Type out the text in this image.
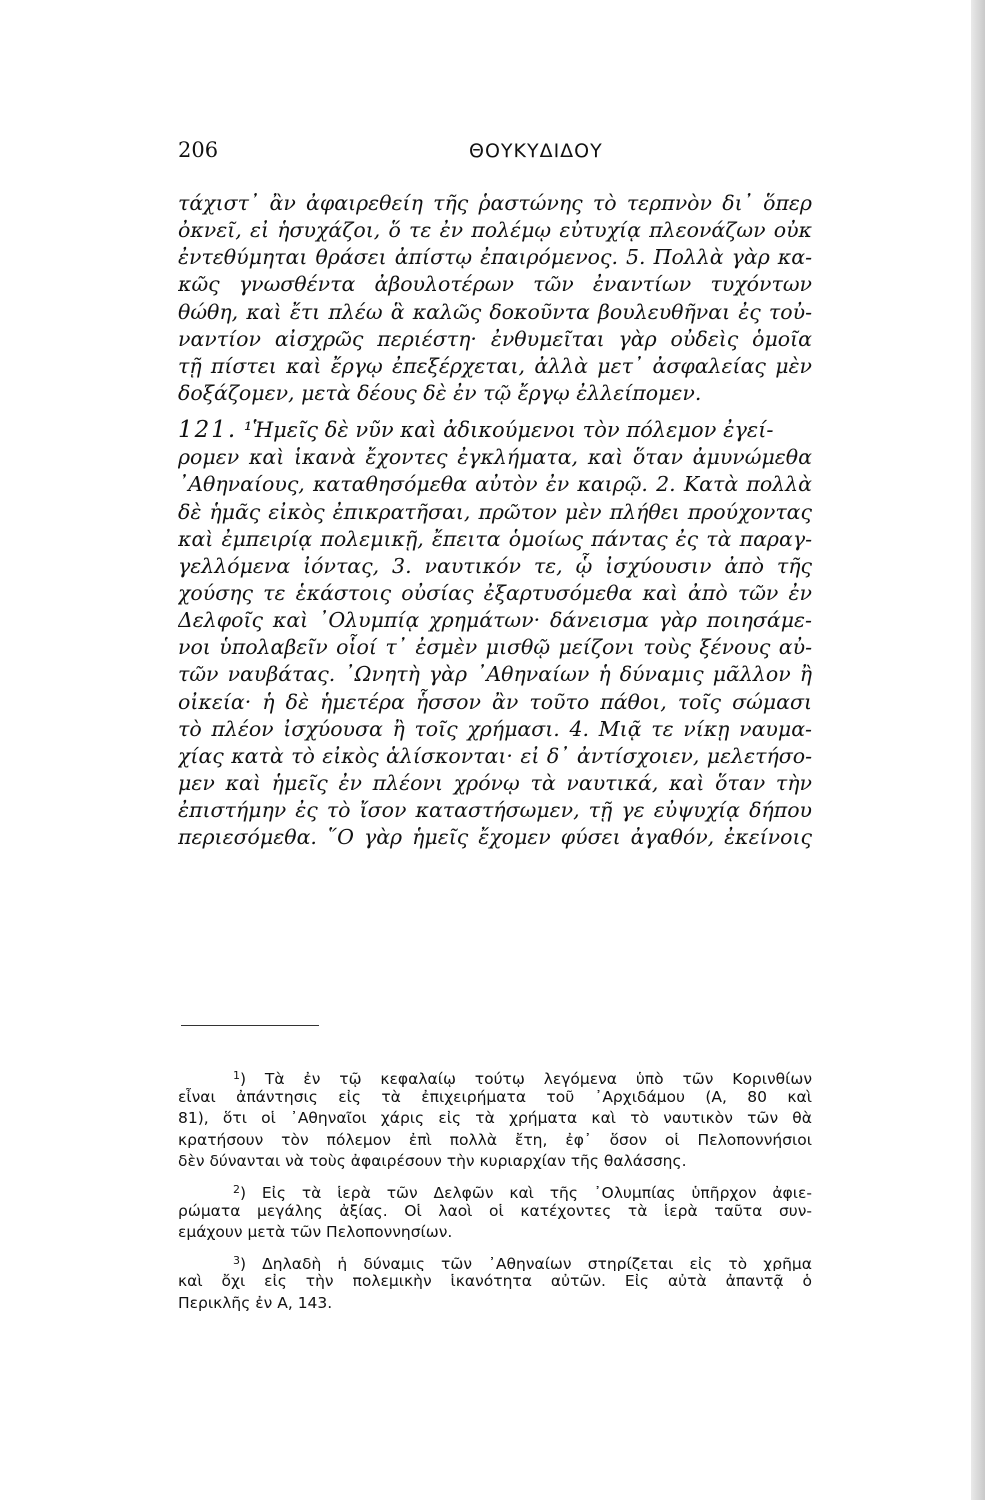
206	ΘΟΥΚΥΔΙΔΟΥ
τάχιστ᾽ ἂν ἀφαιρεθείη τῆς ῥαστώνης τὸ τερπνὸν δι᾽ ὅπερ
ὀκνεῖ, εἰ ἡσυχάζοι, ὅ τε ἐν πολέμῳ εὐτυχίᾳ πλεονάζων οὐκ
ἐντεθύμηται θράσει ἀπίστῳ ἐπαιρόμενος. 5. Πολλὰ γὰρ κα-
κῶς γνωσθέντα ἀβουλοτέρων τῶν ἐναντίων τυχόντων
θώθη, καὶ ἔτι πλέω ἃ καλῶς δοκοῦντα βουλευθῆναι ἐς τοὐ-
ναντίον αἰσχρῶς περιέστη· ἐνθυμεῖται γὰρ οὐδεὶς ὁμοῖα
τῇ πίστει καὶ ἔργῳ ἐπεξέρχεται, ἀλλὰ μετ᾽ ἀσφαλείας μὲν
δοξάζομεν, μετὰ δέους δὲ ἐν τῷ ἔργῳ ἐλλείπομεν.
121. ¹Ἡμεῖς δὲ νῦν καὶ ἀδικούμενοι τὸν πόλεμον ἐγεί-
ρομεν καὶ ἱκανὰ ἔχοντες ἐγκλήματα, καὶ ὅταν ἀμυνώμεθα
᾽Αθηναίους, καταθησόμεθα αὐτὸν ἐν καιρῷ. 2. Κατὰ πολλὰ
δὲ ἡμᾶς εἰκὸς ἐπικρατῆσαι, πρῶτον μὲν πλήθει προύχοντας
καὶ ἐμπειρίᾳ πολεμικῇ, ἔπειτα ὁμοίως πάντας ἐς τὰ παραγ-
γελλόμενα ἰόντας, 3. ναυτικόν τε, ᾧ ἰσχύουσιν ἀπὸ τῆς
χούσης τε ἑκάστοις οὐσίας ἐξαρτυσόμεθα καὶ ἀπὸ τῶν ἐν
Δελφοῖς καὶ ᾽Ολυμπίᾳ χρημάτων· δάνεισμα γὰρ ποιησάμε-
νοι ὑπολαβεῖν οἷοί τ᾽ ἐσμὲν μισθῷ μείζονι τοὺς ξένους αὐ-
τῶν ναυβάτας. ᾽Ωνητὴ γὰρ ᾽Αθηναίων ἡ δύναμις μᾶλλον ἢ
οἰκεία· ἡ δὲ ἡμετέρα ἧσσον ἂν τοῦτο πάθοι, τοῖς σώμασι
τὸ πλέον ἰσχύουσα ἢ τοῖς χρήμασι. 4. Μιᾷ τε νίκῃ ναυμα-
χίας κατὰ τὸ εἰκὸς ἁλίσκονται· εἰ δ᾽ ἀντίσχοιεν, μελετήσο-
μεν καὶ ἡμεῖς ἐν πλέονι χρόνῳ τὰ ναυτικά, καὶ ὅταν τὴν
ἐπιστήμην ἐς τὸ ἴσον καταστήσωμεν, τῇ γε εὐψυχίᾳ δήπου
περιεσόμεθα. ῞Ο γὰρ ἡμεῖς ἔχομεν φύσει ἀγαθόν, ἐκείνοις
$^1$) Τὰ ἐν τῷ κεφαλαίῳ τούτῳ λεγόμενα ὑπὸ τῶν Κορινθίων
εἶναι ἀπάντησις εἰς τὰ ἐπιχειρήματα τοῦ ᾽Αρχιδάμου (Α, 80 καὶ
81), ὅτι οἱ ᾽Αθηναῖοι χάρις εἰς τὰ χρήματα καὶ τὸ ναυτικὸν τῶν θὰ
κρατήσουν τὸν πόλεμον ἐπὶ πολλὰ ἔτη, ἐφ᾽ ὅσον οἱ Πελοποννήσιοι
δὲν δύνανται νὰ τοὺς ἀφαιρέσουν τὴν κυριαρχίαν τῆς θαλάσσης.
$^2$) Εἰς τὰ ἱερὰ τῶν Δελφῶν καὶ τῆς ᾽Ολυμπίας ὑπῆρχον ἀφιε-
ρώματα μεγάλης ἀξίας. Οἱ λαοὶ οἱ κατέχοντες τὰ ἱερὰ ταῦτα συν-
εμάχουν μετὰ τῶν Πελοποννησίων.
$^3$) Δηλαδὴ ἡ δύναμις τῶν ᾽Αθηναίων στηρίζεται εἰς τὸ χρῆμα
καὶ ὄχι εἰς τὴν πολεμικὴν ἱκανότητα αὐτῶν. Εἰς αὐτὰ ἀπαντᾷ ὁ
Περικλῆς ἐν Α, 143.
